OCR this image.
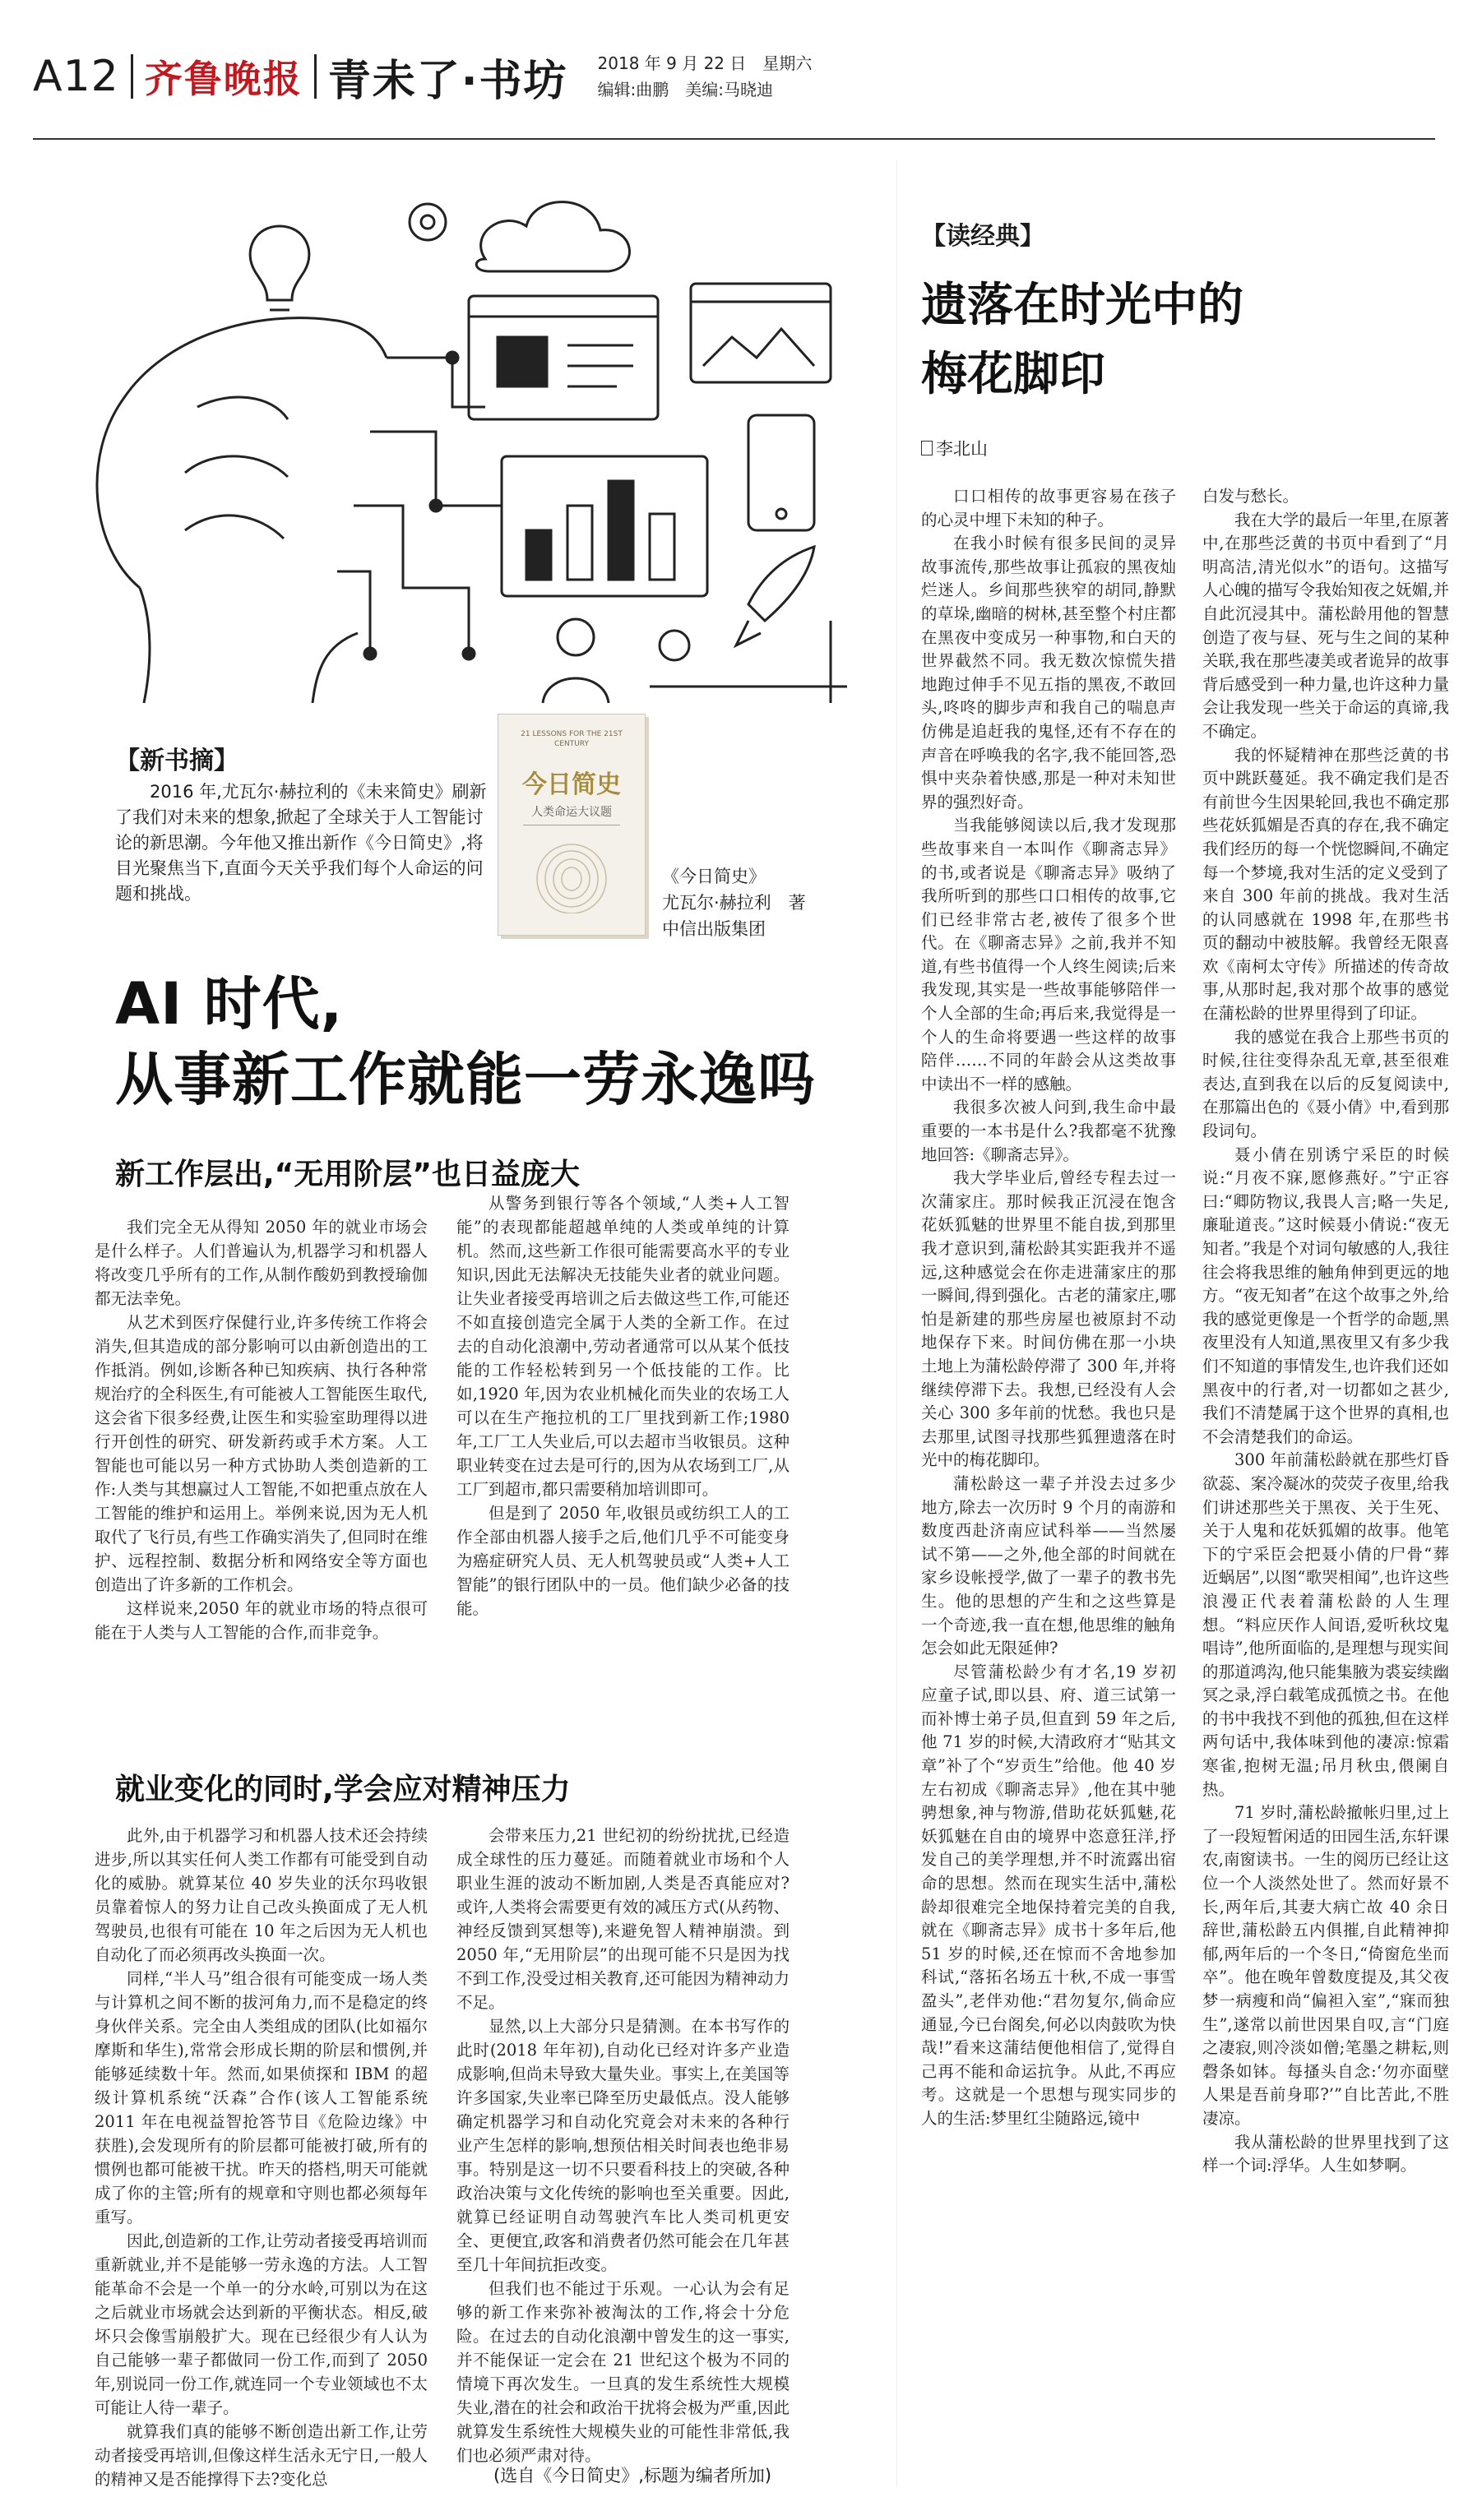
A12 齐鲁晚报 青未了·书坊 2018 年 9 月 22 日　星期六
编辑:曲鹏　美编:马晓迪
【新书摘】
2016 年,尤瓦尔·赫拉利的《未来简史》刷新了我们对未来的想象,掀起了全球关于人工智能讨论的新思潮。今年他又推出新作《今日简史》,将目光聚焦当下,直面今天关乎我们每个人命运的问题和挑战。
21 LESSONS FOR THE 21ST CENTURY
今日简史
人类命运大议题
《今日简史》
尤瓦尔·赫拉利　著
中信出版集团
AI 时代,
从事新工作就能一劳永逸吗
新工作层出,“无用阶层”也日益庞大

我们完全无从得知 2050 年的就业市场会是什么样子。人们普遍认为,机器学习和机器人将改变几乎所有的工作,从制作酸奶到教授瑜伽都无法幸免。

从艺术到医疗保健行业,许多传统工作将会消失,但其造成的部分影响可以由新创造出的工作抵消。例如,诊断各种已知疾病、执行各种常规治疗的全科医生,有可能被人工智能医生取代,这会省下很多经费,让医生和实验室助理得以进行开创性的研究、研发新药或手术方案。人工智能也可能以另一种方式协助人类创造新的工作:人类与其想赢过人工智能,不如把重点放在人工智能的维护和运用上。举例来说,因为无人机取代了飞行员,有些工作确实消失了,但同时在维护、远程控制、数据分析和网络安全等方面也创造出了许多新的工作机会。

这样说来,2050 年的就业市场的特点很可能在于人类与人工智能的合作,而非竞争。

从警务到银行等各个领域,“人类+人工智能”的表现都能超越单纯的人类或单纯的计算机。然而,这些新工作很可能需要高水平的专业知识,因此无法解决无技能失业者的就业问题。让失业者接受再培训之后去做这些工作,可能还不如直接创造完全属于人类的全新工作。在过去的自动化浪潮中,劳动者通常可以从某个低技能的工作轻松转到另一个低技能的工作。比如,1920 年,因为农业机械化而失业的农场工人可以在生产拖拉机的工厂里找到新工作;1980 年,工厂工人失业后,可以去超市当收银员。这种职业转变在过去是可行的,因为从农场到工厂,从工厂到超市,都只需要稍加培训即可。

但是到了 2050 年,收银员或纺织工人的工作全部由机器人接手之后,他们几乎不可能变身为癌症研究人员、无人机驾驶员或“人类+人工智能”的银行团队中的一员。他们缺少必备的技能。

就业变化的同时,学会应对精神压力

此外,由于机器学习和机器人技术还会持续进步,所以其实任何人类工作都有可能受到自动化的威胁。就算某位 40 岁失业的沃尔玛收银员靠着惊人的努力让自己改头换面成了无人机驾驶员,也很有可能在 10 年之后因为无人机也自动化了而必须再改头换面一次。

同样,“半人马”组合很有可能变成一场人类与计算机之间不断的拔河角力,而不是稳定的终身伙伴关系。完全由人类组成的团队(比如福尔摩斯和华生),常常会形成长期的阶层和惯例,并能够延续数十年。然而,如果侦探和 IBM 的超级计算机系统“沃森”合作(该人工智能系统 2011 年在电视益智抢答节目《危险边缘》中获胜),会发现所有的阶层都可能被打破,所有的惯例也都可能被干扰。昨天的搭档,明天可能就成了你的主管;所有的规章和守则也都必须每年重写。

因此,创造新的工作,让劳动者接受再培训而重新就业,并不是能够一劳永逸的方法。人工智能革命不会是一个单一的分水岭,可别以为在这之后就业市场就会达到新的平衡状态。相反,破坏只会像雪崩般扩大。现在已经很少有人认为自己能够一辈子都做同一份工作,而到了 2050 年,别说同一份工作,就连同一个专业领域也不太可能让人待一辈子。

就算我们真的能够不断创造出新工作,让劳动者接受再培训,但像这样生活永无宁日,一般人的精神又是否能撑得下去?变化总

会带来压力,21 世纪初的纷纷扰扰,已经造成全球性的压力蔓延。而随着就业市场和个人职业生涯的波动不断加剧,人类是否真能应对?或许,人类将会需要更有效的减压方式(从药物、神经反馈到冥想等),来避免智人精神崩溃。到 2050 年,“无用阶层”的出现可能不只是因为找不到工作,没受过相关教育,还可能因为精神动力不足。

显然,以上大部分只是猜测。在本书写作的此时(2018 年年初),自动化已经对许多产业造成影响,但尚未导致大量失业。事实上,在美国等许多国家,失业率已降至历史最低点。没人能够确定机器学习和自动化究竟会对未来的各种行业产生怎样的影响,想预估相关时间表也绝非易事。特别是这一切不只要看科技上的突破,各种政治决策与文化传统的影响也至关重要。因此,就算已经证明自动驾驶汽车比人类司机更安全、更便宜,政客和消费者仍然可能会在几年甚至几十年间抗拒改变。

但我们也不能过于乐观。一心认为会有足够的新工作来弥补被淘汰的工作,将会十分危险。在过去的自动化浪潮中曾发生的这一事实,并不能保证一定会在 21 世纪这个极为不同的情境下再次发生。一旦真的发生系统性大规模失业,潜在的社会和政治干扰将会极为严重,因此就算发生系统性大规模失业的可能性非常低,我们也必须严肃对待。

(选自《今日简史》,标题为编者所加)
【读经典】
遗落在时光中的
梅花脚印
李北山

口口相传的故事更容易在孩子的心灵中埋下未知的种子。

在我小时候有很多民间的灵异故事流传,那些故事让孤寂的黑夜灿烂迷人。乡间那些狭窄的胡同,静默的草垛,幽暗的树林,甚至整个村庄都在黑夜中变成另一种事物,和白天的世界截然不同。我无数次惊慌失措地跑过伸手不见五指的黑夜,不敢回头,咚咚的脚步声和我自己的喘息声仿佛是追赶我的鬼怪,还有不存在的声音在呼唤我的名字,我不能回答,恐惧中夹杂着快感,那是一种对未知世界的强烈好奇。

当我能够阅读以后,我才发现那些故事来自一本叫作《聊斋志异》的书,或者说是《聊斋志异》吸纳了我所听到的那些口口相传的故事,它们已经非常古老,被传了很多个世代。在《聊斋志异》之前,我并不知道,有些书值得一个人终生阅读;后来我发现,其实是一些故事能够陪伴一个人全部的生命;再后来,我觉得是一个人的生命将要遇一些这样的故事陪伴……不同的年龄会从这类故事中读出不一样的感触。

我很多次被人问到,我生命中最重要的一本书是什么?我都毫不犹豫地回答:《聊斋志异》。

我大学毕业后,曾经专程去过一次蒲家庄。那时候我正沉浸在饱含花妖狐魅的世界里不能自拔,到那里我才意识到,蒲松龄其实距我并不遥远,这种感觉会在你走进蒲家庄的那一瞬间,得到强化。古老的蒲家庄,哪怕是新建的那些房屋也被原封不动地保存下来。时间仿佛在那一小块土地上为蒲松龄停滞了 300 年,并将继续停滞下去。我想,已经没有人会关心 300 多年前的忧愁。我也只是去那里,试图寻找那些狐狸遗落在时光中的梅花脚印。

蒲松龄这一辈子并没去过多少地方,除去一次历时 9 个月的南游和数度西赴济南应试科举——当然屡试不第——之外,他全部的时间就在家乡设帐授学,做了一辈子的教书先生。他的思想的产生和之这些算是一个奇迹,我一直在想,他思维的触角怎会如此无限延伸?

尽管蒲松龄少有才名,19 岁初应童子试,即以县、府、道三试第一而补博士弟子员,但直到 59 年之后,他 71 岁的时候,大清政府才“贴其文章”补了个“岁贡生”给他。他 40 岁左右初成《聊斋志异》,他在其中驰骋想象,神与物游,借助花妖狐魅,花妖狐魅在自由的境界中恣意狂洋,抒发自己的美学理想,并不时流露出宿命的思想。然而在现实生活中,蒲松龄却很难完全地保持着完美的自我,就在《聊斋志异》成书十多年后,他 51 岁的时候,还在惊而不舍地参加科试,“落拓名场五十秋,不成一事雪盈头”,老伴劝他:“君勿复尔,倘命应通显,今已台阁矣,何必以肉鼓吹为快哉!”看来这蒲结便他相信了,觉得自己再不能和命运抗争。从此,不再应考。这就是一个思想与现实同步的人的生活:梦里红尘随路远,镜中

白发与愁长。

我在大学的最后一年里,在原著中,在那些泛黄的书页中看到了“月明高洁,清光似水”的语句。这描写人心魄的描写令我始知夜之妩媚,并自此沉浸其中。蒲松龄用他的智慧创造了夜与昼、死与生之间的某种关联,我在那些凄美或者诡异的故事背后感受到一种力量,也许这种力量会让我发现一些关于命运的真谛,我不确定。

我的怀疑精神在那些泛黄的书页中跳跃蔓延。我不确定我们是否有前世今生因果轮回,我也不确定那些花妖狐媚是否真的存在,我不确定我们经历的每一个恍惚瞬间,不确定每一个梦境,我对生活的定义受到了来自 300 年前的挑战。我对生活的认同感就在 1998 年,在那些书页的翻动中被肢解。我曾经无限喜欢《南柯太守传》所描述的传奇故事,从那时起,我对那个故事的感觉在蒲松龄的世界里得到了印证。

我的感觉在我合上那些书页的时候,往往变得杂乱无章,甚至很难表达,直到我在以后的反复阅读中,在那篇出色的《聂小倩》中,看到那段词句。

聂小倩在别诱宁采臣的时候说:“月夜不寐,愿修燕好。”宁正容曰:“卿防物议,我畏人言;略一失足,廉耻道丧。”这时候聂小倩说:“夜无知者。”我是个对词句敏感的人,我往往会将我思维的触角伸到更远的地方。“夜无知者”在这个故事之外,给我的感觉更像是一个哲学的命题,黑夜里没有人知道,黑夜里又有多少我们不知道的事情发生,也许我们还如黑夜中的行者,对一切都如之甚少,我们不清楚属于这个世界的真相,也不会清楚我们的命运。

300 年前蒲松龄就在那些灯昏欲蕊、案冷凝冰的荧荧子夜里,给我们讲述那些关于黑夜、关于生死、关于人鬼和花妖狐媚的故事。他笔下的宁采臣会把聂小倩的尸骨“葬近蜗居”,以图“歌哭相闻”,也许这些浪漫正代表着蒲松龄的人生理想。“料应厌作人间语,爱听秋坟鬼唱诗”,他所面临的,是理想与现实间的那道鸿沟,他只能集腋为裘妄续幽冥之录,浮白载笔成孤愤之书。在他的书中我找不到他的孤独,但在这样两句话中,我体味到他的凄凉:惊霜寒雀,抱树无温;吊月秋虫,偎阑自热。

71 岁时,蒲松龄撤帐归里,过上了一段短暂闲适的田园生活,东轩课农,南窗读书。一生的阅历已经让这位一个人淡然处世了。然而好景不长,两年后,其妻大病亡故 40 余日辞世,蒲松龄五内俱摧,自此精神抑郁,两年后的一个冬日,“倚窗危坐而卒”。他在晚年曾数度提及,其父夜梦一病瘦和尚“偏袒入室”,“寐而独生”,遂常以前世因果自叹,言“门庭之凄寂,则冷淡如僧;笔墨之耕耘,则磬条如钵。每搔头自念:‘勿亦面壁人果是吾前身耶?’”自比苦此,不胜凄凉。

我从蒲松龄的世界里找到了这样一个词:浮华。人生如梦啊。
